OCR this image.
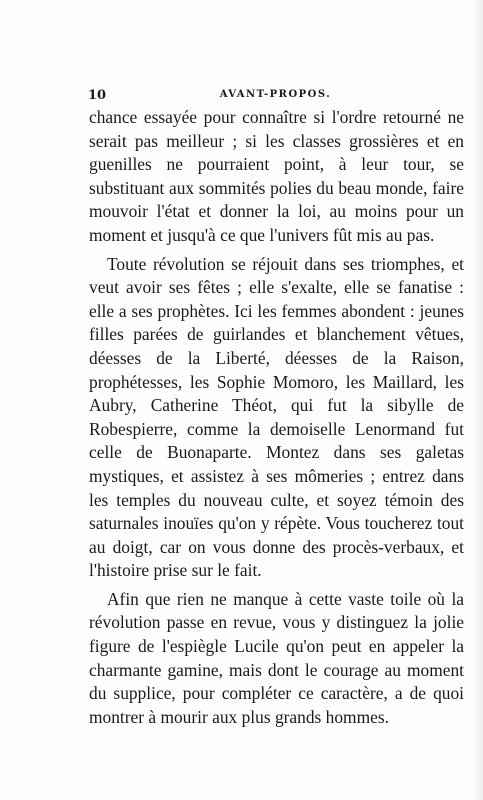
10	AVANT-PROPOS.

chance essayée pour connaître si l'ordre retourné ne serait pas meilleur ; si les classes grossières et en guenilles ne pourraient point, à leur tour, se substituant aux sommités polies du beau monde, faire mouvoir l'état et donner la loi, au moins pour un moment et jusqu'à ce que l'univers fût mis au pas.

Toute révolution se réjouit dans ses triomphes, et veut avoir ses fêtes ; elle s'exalte, elle se fanatise : elle a ses prophètes. Ici les femmes abondent : jeunes filles parées de guirlandes et blanchement vêtues, déesses de la Liberté, déesses de la Raison, prophétesses, les Sophie Momoro, les Maillard, les Aubry, Catherine Théot, qui fut la sibylle de Robespierre, comme la demoiselle Lenormand fut celle de Buonaparte. Montez dans ses galetas mystiques, et assistez à ses mômeries ; entrez dans les temples du nouveau culte, et soyez témoin des saturnales inouïes qu'on y répète. Vous toucherez tout au doigt, car on vous donne des procès-verbaux, et l'histoire prise sur le fait.

Afin que rien ne manque à cette vaste toile où la révolution passe en revue, vous y distinguez la jolie figure de l'espiègle Lucile qu'on peut en appeler la charmante gamine, mais dont le courage au moment du supplice, pour compléter ce caractère, a de quoi montrer à mourir aux plus grands hommes.
